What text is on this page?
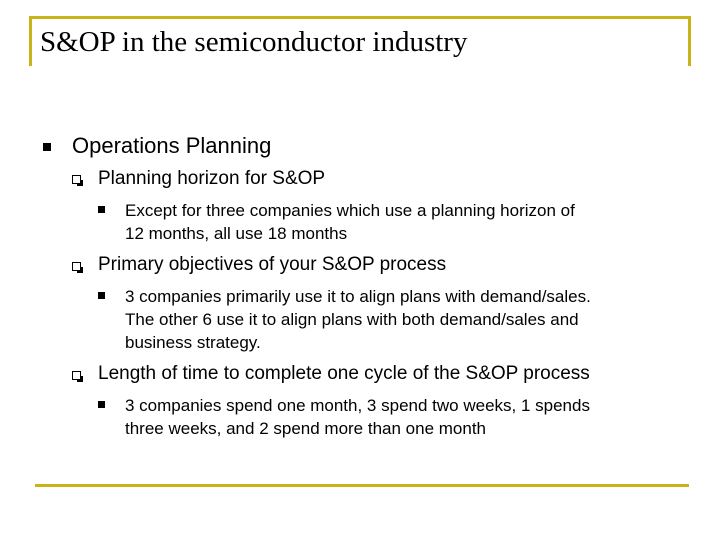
S&OP in the semiconductor industry
Operations Planning
Planning horizon for S&OP
Except for three companies which use a planning horizon of
12 months, all use 18 months
Primary objectives of your S&OP process
3 companies primarily use it to align plans with demand/sales.
The other 6 use it to align plans with both demand/sales and
business strategy.
Length of time to complete one cycle of the S&OP process
3 companies spend one month, 3 spend two weeks, 1 spends
three weeks, and 2 spend more than one month
